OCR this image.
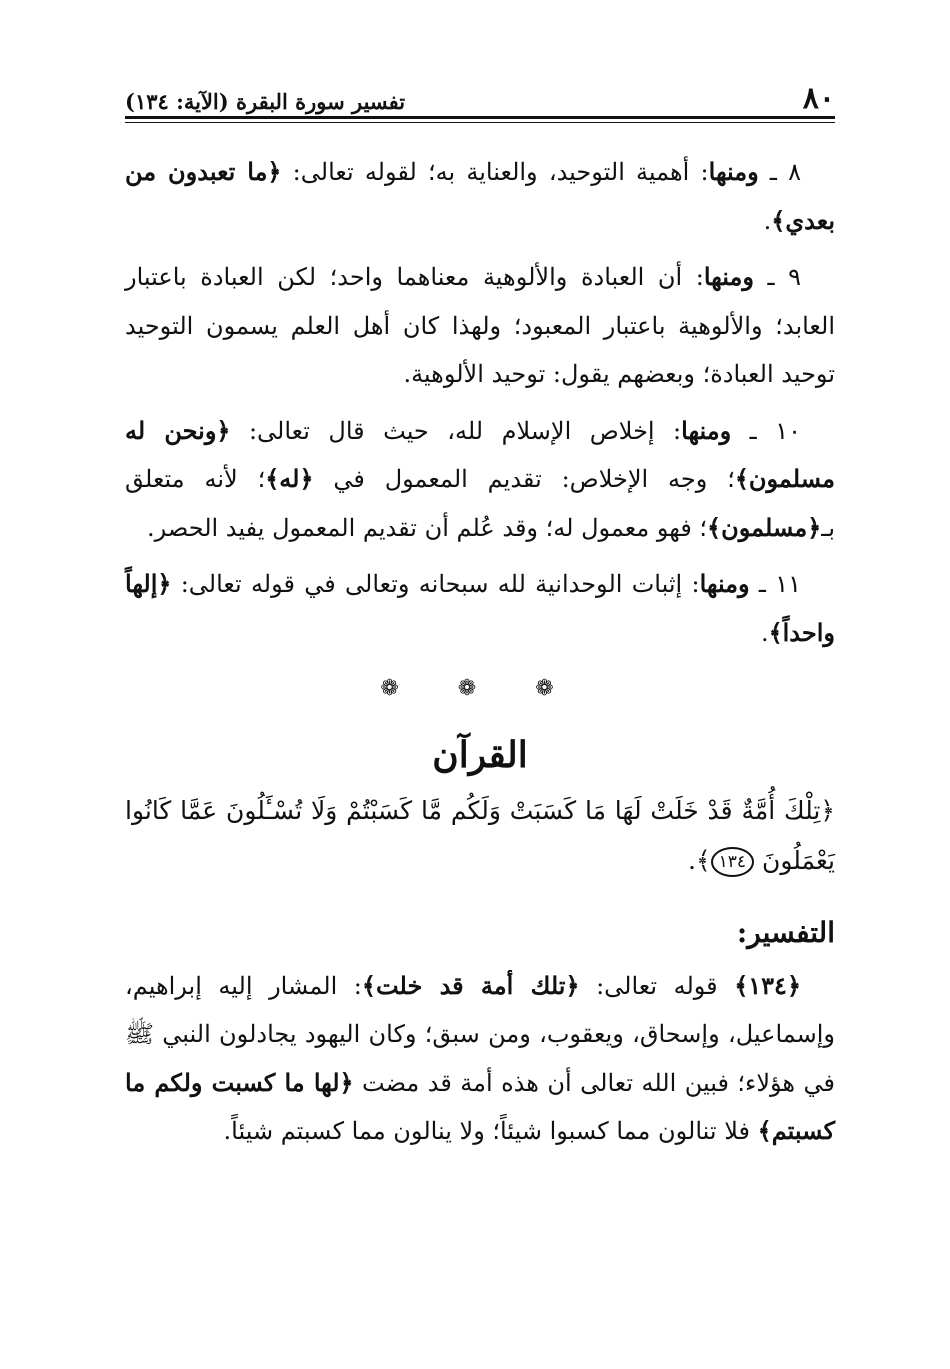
٨٠
تفسير سورة البقرة (الآية: ١٣٤)

٨ ـ ومنها: أهمية التوحيد، والعناية به؛ لقوله تعالى: ﴿ما تعبدون من بعدي﴾.

٩ ـ ومنها: أن العبادة والألوهية معناهما واحد؛ لكن العبادة باعتبار العابد؛ والألوهية باعتبار المعبود؛ ولهذا كان أهل العلم يسمون التوحيد توحيد العبادة؛ وبعضهم يقول: توحيد الألوهية.

١٠ ـ ومنها: إخلاص الإسلام لله، حيث قال تعالى: ﴿ونحن له مسلمون﴾؛ وجه الإخلاص: تقديم المعمول في ﴿له﴾؛ لأنه متعلق بـ﴿مسلمون﴾؛ فهو معمول له؛ وقد عُلم أن تقديم المعمول يفيد الحصر.

١١ ـ ومنها: إثبات الوحدانية لله سبحانه وتعالى في قوله تعالى: ﴿إلهاً واحداً﴾.

❁ ❁ ❁
القرآن

﴿تِلْكَ أُمَّةٌ قَدْ خَلَتْ لَهَا مَا كَسَبَتْ وَلَكُم مَّا كَسَبْتُمْ وَلَا تُسْـَٔلُونَ عَمَّا كَانُوا يَعْمَلُونَ ١٣٤﴾.

التفسير:

﴿١٣٤﴾ قوله تعالى: ﴿تلك أمة قد خلت﴾: المشار إليه إبراهيم، وإسماعيل، وإسحاق، ويعقوب، ومن سبق؛ وكان اليهود يجادلون النبي ﷺ في هؤلاء؛ فبين الله تعالى أن هذه أمة قد مضت ﴿لها ما كسبت ولكم ما كسبتم﴾ فلا تنالون مما كسبوا شيئاً؛ ولا ينالون مما كسبتم شيئاً.
